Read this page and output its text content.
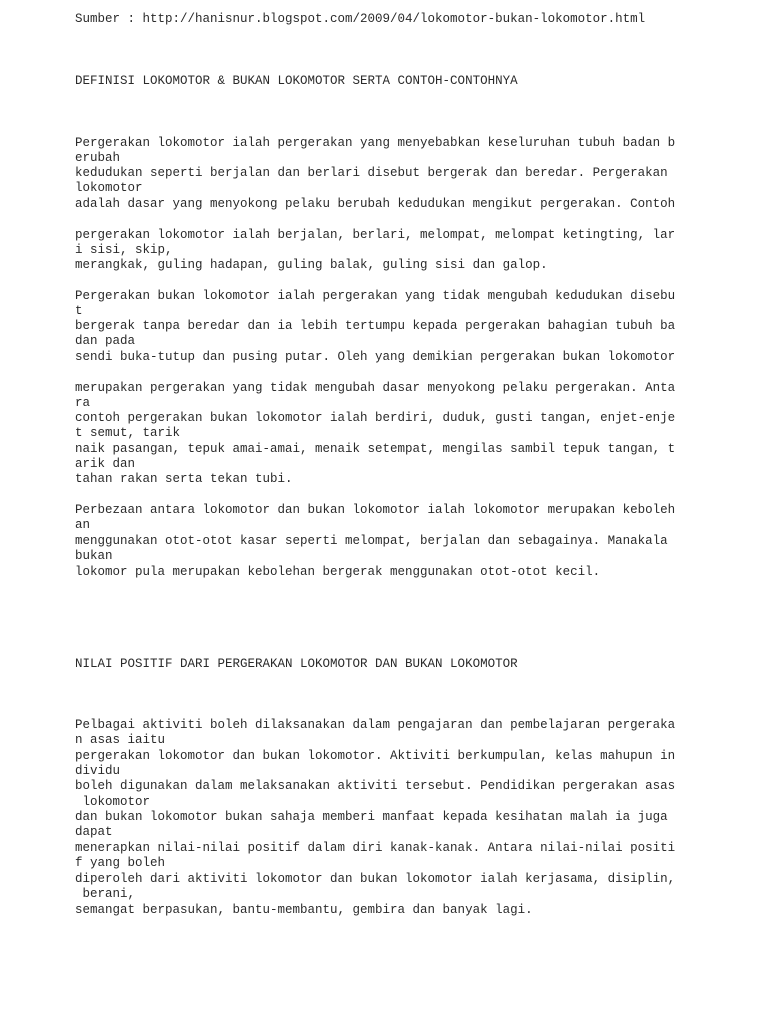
Sumber : http://hanisnur.blogspot.com/2009/04/lokomotor-bukan-lokomotor.html

DEFINISI LOKOMOTOR & BUKAN LOKOMOTOR SERTA CONTOH-CONTOHNYA

Pergerakan lokomotor ialah pergerakan yang menyebabkan keseluruhan tubuh badan b

erubah

kedudukan seperti berjalan dan berlari disebut bergerak dan beredar. Pergerakan

lokomotor

adalah dasar yang menyokong pelaku berubah kedudukan mengikut pergerakan. Contoh

pergerakan lokomotor ialah berjalan, berlari, melompat, melompat ketingting, lar

i sisi, skip,

merangkak, guling hadapan, guling balak, guling sisi dan galop.

Pergerakan bukan lokomotor ialah pergerakan yang tidak mengubah kedudukan disebu

t

bergerak tanpa beredar dan ia lebih tertumpu kepada pergerakan bahagian tubuh ba

dan pada

sendi buka-tutup dan pusing putar. Oleh yang demikian pergerakan bukan lokomotor

merupakan pergerakan yang tidak mengubah dasar menyokong pelaku pergerakan. Anta

ra

contoh pergerakan bukan lokomotor ialah berdiri, duduk, gusti tangan, enjet-enje

t semut, tarik

naik pasangan, tepuk amai-amai, menaik setempat, mengilas sambil tepuk tangan, t

arik dan

tahan rakan serta tekan tubi.

Perbezaan antara lokomotor dan bukan lokomotor ialah lokomotor merupakan keboleh

an

menggunakan otot-otot kasar seperti melompat, berjalan dan sebagainya. Manakala

bukan

lokomor pula merupakan kebolehan bergerak menggunakan otot-otot kecil.

NILAI POSITIF DARI PERGERAKAN LOKOMOTOR DAN BUKAN LOKOMOTOR

Pelbagai aktiviti boleh dilaksanakan dalam pengajaran dan pembelajaran pergeraka

n asas iaitu

pergerakan lokomotor dan bukan lokomotor. Aktiviti berkumpulan, kelas mahupun in

dividu

boleh digunakan dalam melaksanakan aktiviti tersebut. Pendidikan pergerakan asas

lokomotor

dan bukan lokomotor bukan sahaja memberi manfaat kepada kesihatan malah ia juga

dapat

menerapkan nilai-nilai positif dalam diri kanak-kanak. Antara nilai-nilai positi

f yang boleh

diperoleh dari aktiviti lokomotor dan bukan lokomotor ialah kerjasama, disiplin,

berani,

semangat berpasukan, bantu-membantu, gembira dan banyak lagi.
